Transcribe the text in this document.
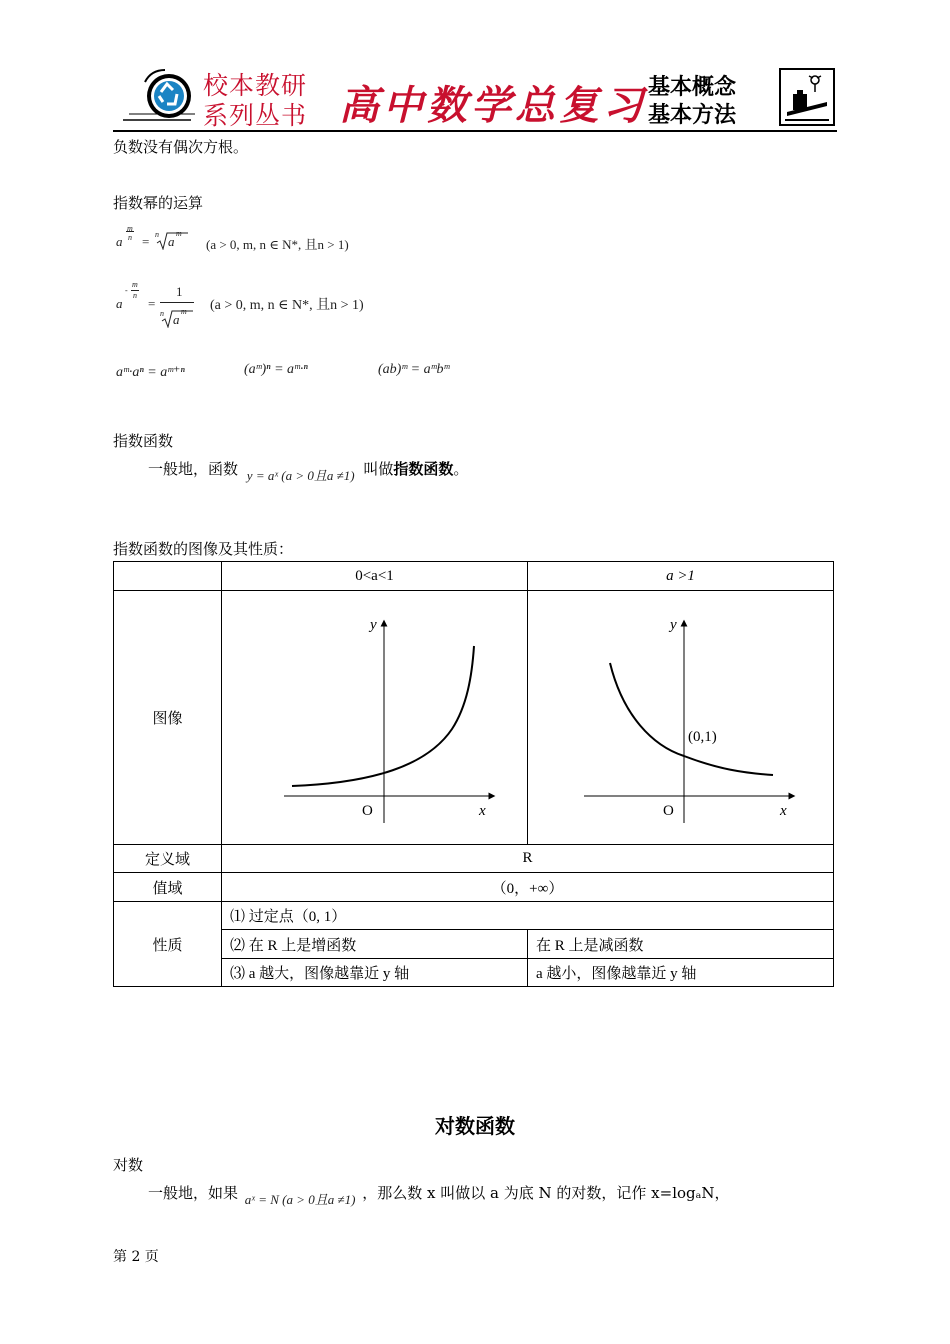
校本教研
系列丛书 高中数学总复习 基本概念
基本方法
负数没有偶次方根。
指数幂的运算
a
m
n = n a
m
(a > 0, m, n ∈ N*, 且n > 1)
a
-
m
n
=
1
n a
m (a > 0, m, n ∈ N*, 且n > 1)
aᵐ·aⁿ = aᵐ⁺ⁿ	(aᵐ)ⁿ = aᵐ·ⁿ	(ab)ᵐ = aᵐbᵐ
指数函数
一般地，函数 y = aˣ (a > 0且a ≠1) 叫做指数函数。
指数函数的图像及其性质：
	0<a<1	a >1
图像	y
x
O	y
x
O
(0,1)

定义域	R	
值域	（0，+∞）	
性质	⑴ 过定点（0, 1）	
	⑵ 在 R 上是增函数	在 R 上是减函数
	⑶ a 越大，图像越靠近 y 轴	a 越小，图像越靠近 y 轴
对数函数
对数
一般地，如果 aˣ = N (a > 0且a ≠1) ，那么数 x 叫做以 a 为底 N 的对数，记作 x=logₐN，
第 2 页
